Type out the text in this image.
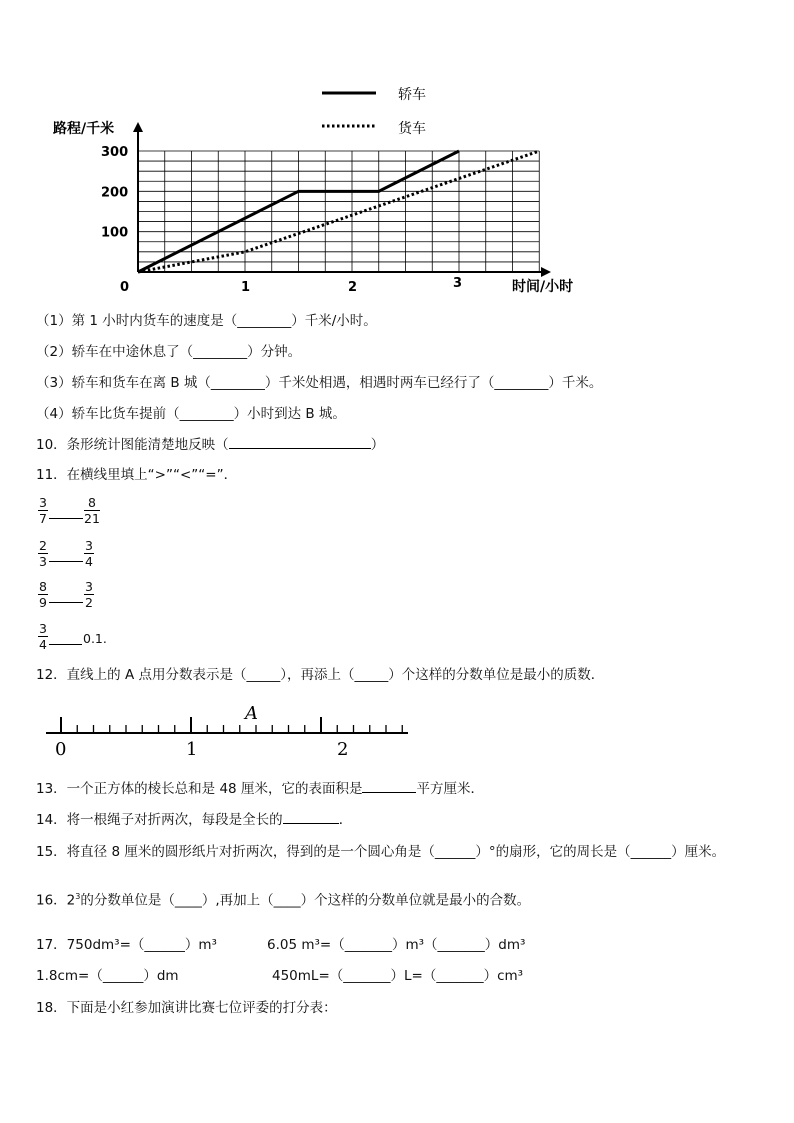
轿车
货车
路程/千米
时间/小时
0	1	2	3
100
200
300
（1）第 1 小时内货车的速度是（________）千米/小时。
（2）轿车在中途休息了（________）分钟。
（3）轿车和货车在离 B 城（________）千米处相遇，相遇时两车已经行了（________）千米。
（4）轿车比货车提前（________）小时到达 B 城。
10．条形统计图能清楚地反映（	）
11．在横线里填上“>”“<”“=”．
$\frac{3}{7}$	$\frac{8}{21}$
$\frac{2}{3}$	$\frac{3}{4}$
$\frac{8}{9}$	$\frac{3}{2}$
$\frac{3}{4}$	0.1.
12．直线上的 A 点用分数表示是（_____），再添上（_____）个这样的分数单位是最小的质数．
A
0	1	2
13．一个正方体的棱长总和是 48 厘米，它的表面积是	平方厘米．
14．将一根绳子对折两次，每段是全长的	．
15．将直径 8 厘米的圆形纸片对折两次，得到的是一个圆心角是（______）°的扇形，它的周长是（______）厘米。
16．$2^3$的分数单位是（____）,再加上（____）个这样的分数单位就是最小的合数。
17．750dm³=（______）m³	6.05 m³=（_______）m³（_______）dm³
1.8cm=（______）dm	450mL=（_______）L=（_______）cm³
18．下面是小红参加演讲比赛七位评委的打分表：
